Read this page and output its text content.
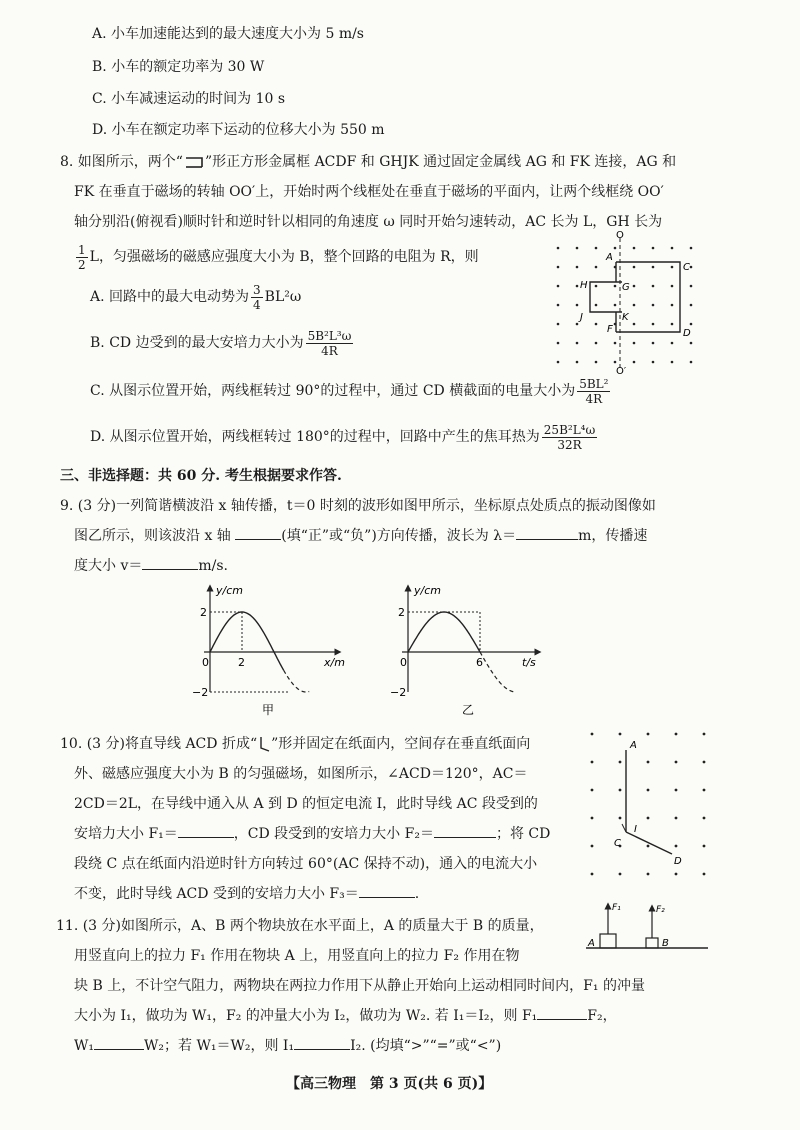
A. 小车加速能达到的最大速度大小为 5 m/s
B. 小车的额定功率为 30 W
C. 小车减速运动的时间为 10 s
D. 小车在额定功率下运动的位移大小为 550 m
8. 如图所示，两个“ ”形正方形金属框 ACDF 和 GHJK 通过固定金属线 AG 和 FK 连接，AG 和
FK 在垂直于磁场的转轴 OO′上，开始时两个线框处在垂直于磁场的平面内，让两个线框绕 OO′
轴分别沿(俯视看)顺时针和逆时针以相同的角速度 ω 同时开始匀速转动，AC 长为 L，GH 长为
$\frac{1}{2}$ L，匀强磁场的磁感应强度大小为 B，整个回路的电阻为 R，则
A. 回路中的最大电动势为 $\frac{3}{4} BL^2\omega$
B. CD 边受到的最大安培力大小为 $\frac{\text{5B²L³ω}}{4R}$
C. 从图示位置开始，两线框转过 90°的过程中，通过 CD 横截面的电量大小为 $\frac{\text{5BL²}}{4R}$
D. 从图示位置开始，两线框转过 180°的过程中，回路中产生的焦耳热为 $\frac{\text{25B²L⁴ω}}{32R}$
O
O′
A
C
G
H
J	K
F	D
三、非选择题：共 60 分. 考生根据要求作答.
9. (3 分)一列简谐横波沿 x 轴传播，t＝0 时刻的波形如图甲所示，坐标原点处质点的振动图像如
图乙所示，则该波沿 x 轴	(填“正”或“负”)方向传播，波长为 λ＝	m，传播速
度大小 v＝	m/s.
y/cm
x/m
2
−2
0	2
甲
y/cm
t/s
2
−2
0	6
乙
10. (3 分)将直导线 ACD 折成“ ”形并固定在纸面内，空间存在垂直纸面向
外、磁感应强度大小为 B 的匀强磁场，如图所示，∠ACD＝120°，AC＝
2CD＝2L，在导线中通入从 A 到 D 的恒定电流 I，此时导线 AC 段受到的
安培力大小 F₁＝	，CD 段受到的安培力大小 F₂＝	；将 CD
段绕 C 点在纸面内沿逆时针方向转过 60°(AC 保持不动)，通入的电流大小
不变，此时导线 ACD 受到的安培力大小 F₃＝	.
A
C
D
I
11. (3 分)如图所示，A、B 两个物块放在水平面上，A 的质量大于 B 的质量，
用竖直向上的拉力 F₁ 作用在物块 A 上，用竖直向上的拉力 F₂ 作用在物
块 B 上，不计空气阻力，两物块在两拉力作用下从静止开始向上运动相同时间内，F₁ 的冲量
大小为 I₁，做功为 W₁，F₂ 的冲量大小为 I₂，做功为 W₂. 若 I₁＝I₂，则 F₁	F₂，
W₁	W₂；若 W₁＝W₂，则 I₁	I₂. (均填“>”“=”或“<”)
F₁	F₂
A	B
【高三物理　第 3 页(共 6 页)】
